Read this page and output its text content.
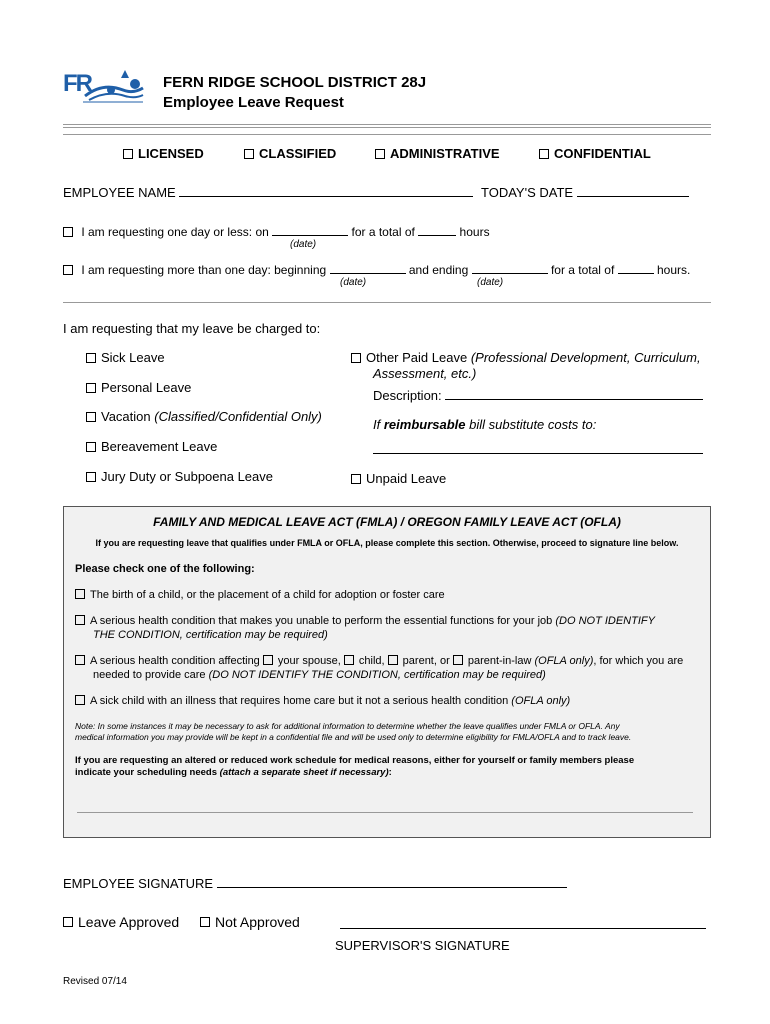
FR	FERN RIDGE SCHOOL DISTRICT 28J
Employee Leave Request
LICENSED	CLASSIFIED	ADMINISTRATIVE	CONFIDENTIAL
EMPLOYEE NAME	TODAY'S DATE
I am requesting one day or less: on	for a total of	hours
(date)
I am requesting more than one day: beginning	and ending	for a total of	hours.
(date)	(date)
I am requesting that my leave be charged to:
Sick Leave
Personal Leave
Vacation (Classified/Confidential Only)
Bereavement Leave
Jury Duty or Subpoena Leave
Other Paid Leave (Professional Development, Curriculum,
Assessment, etc.)
Description:
If reimbursable bill substitute costs to:
Unpaid Leave
FAMILY AND MEDICAL LEAVE ACT (FMLA) / OREGON FAMILY LEAVE ACT (OFLA)
If you are requesting leave that qualifies under FMLA or OFLA, please complete this section. Otherwise, proceed to signature line below.
Please check one of the following:
The birth of a child, or the placement of a child for adoption or foster care
A serious health condition that makes you unable to perform the essential functions for your job (DO NOT IDENTIFY
THE CONDITION, certification may be required)
A serious health condition affecting your spouse, child, parent, or parent-in-law (OFLA only), for which you are
needed to provide care (DO NOT IDENTIFY THE CONDITION, certification may be required)
A sick child with an illness that requires home care but it not a serious health condition (OFLA only)
Note: In some instances it may be necessary to ask for additional information to determine whether the leave qualifies under FMLA or OFLA. Any
medical information you may provide will be kept in a confidential file and will be used only to determine eligibility for FMLA/OFLA and to track leave.
If you are requesting an altered or reduced work schedule for medical reasons, either for yourself or family members please
indicate your scheduling needs (attach a separate sheet if necessary):
EMPLOYEE SIGNATURE
Leave Approved	Not Approved
SUPERVISOR'S SIGNATURE
Revised 07/14
